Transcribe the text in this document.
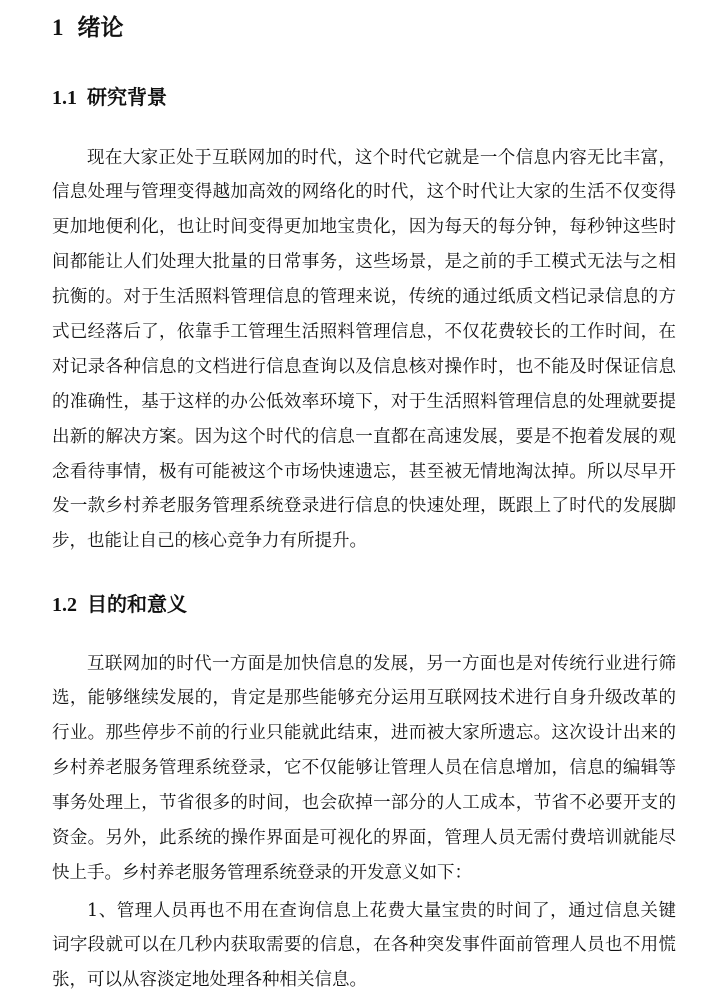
1 绪论
1.1 研究背景
现在大家正处于互联网加的时代，这个时代它就是一个信息内容无比丰富，
信息处理与管理变得越加高效的网络化的时代，这个时代让大家的生活不仅变得
更加地便利化，也让时间变得更加地宝贵化，因为每天的每分钟，每秒钟这些时
间都能让人们处理大批量的日常事务，这些场景，是之前的手工模式无法与之相
抗衡的。对于生活照料管理信息的管理来说，传统的通过纸质文档记录信息的方
式已经落后了，依靠手工管理生活照料管理信息，不仅花费较长的工作时间，在
对记录各种信息的文档进行信息查询以及信息核对操作时，也不能及时保证信息
的准确性，基于这样的办公低效率环境下，对于生活照料管理信息的处理就要提
出新的解决方案。因为这个时代的信息一直都在高速发展，要是不抱着发展的观
念看待事情，极有可能被这个市场快速遗忘，甚至被无情地淘汰掉。所以尽早开
发一款乡村养老服务管理系统登录进行信息的快速处理，既跟上了时代的发展脚
步，也能让自己的核心竞争力有所提升。
1.2 目的和意义
互联网加的时代一方面是加快信息的发展，另一方面也是对传统行业进行筛
选，能够继续发展的，肯定是那些能够充分运用互联网技术进行自身升级改革的
行业。那些停步不前的行业只能就此结束，进而被大家所遗忘。这次设计出来的
乡村养老服务管理系统登录，它不仅能够让管理人员在信息增加，信息的编辑等
事务处理上，节省很多的时间，也会砍掉一部分的人工成本，节省不必要开支的
资金。另外，此系统的操作界面是可视化的界面，管理人员无需付费培训就能尽
快上手。乡村养老服务管理系统登录的开发意义如下：
1、管理人员再也不用在查询信息上花费大量宝贵的时间了，通过信息关键
词字段就可以在几秒内获取需要的信息，在各种突发事件面前管理人员也不用慌
张，可以从容淡定地处理各种相关信息。
